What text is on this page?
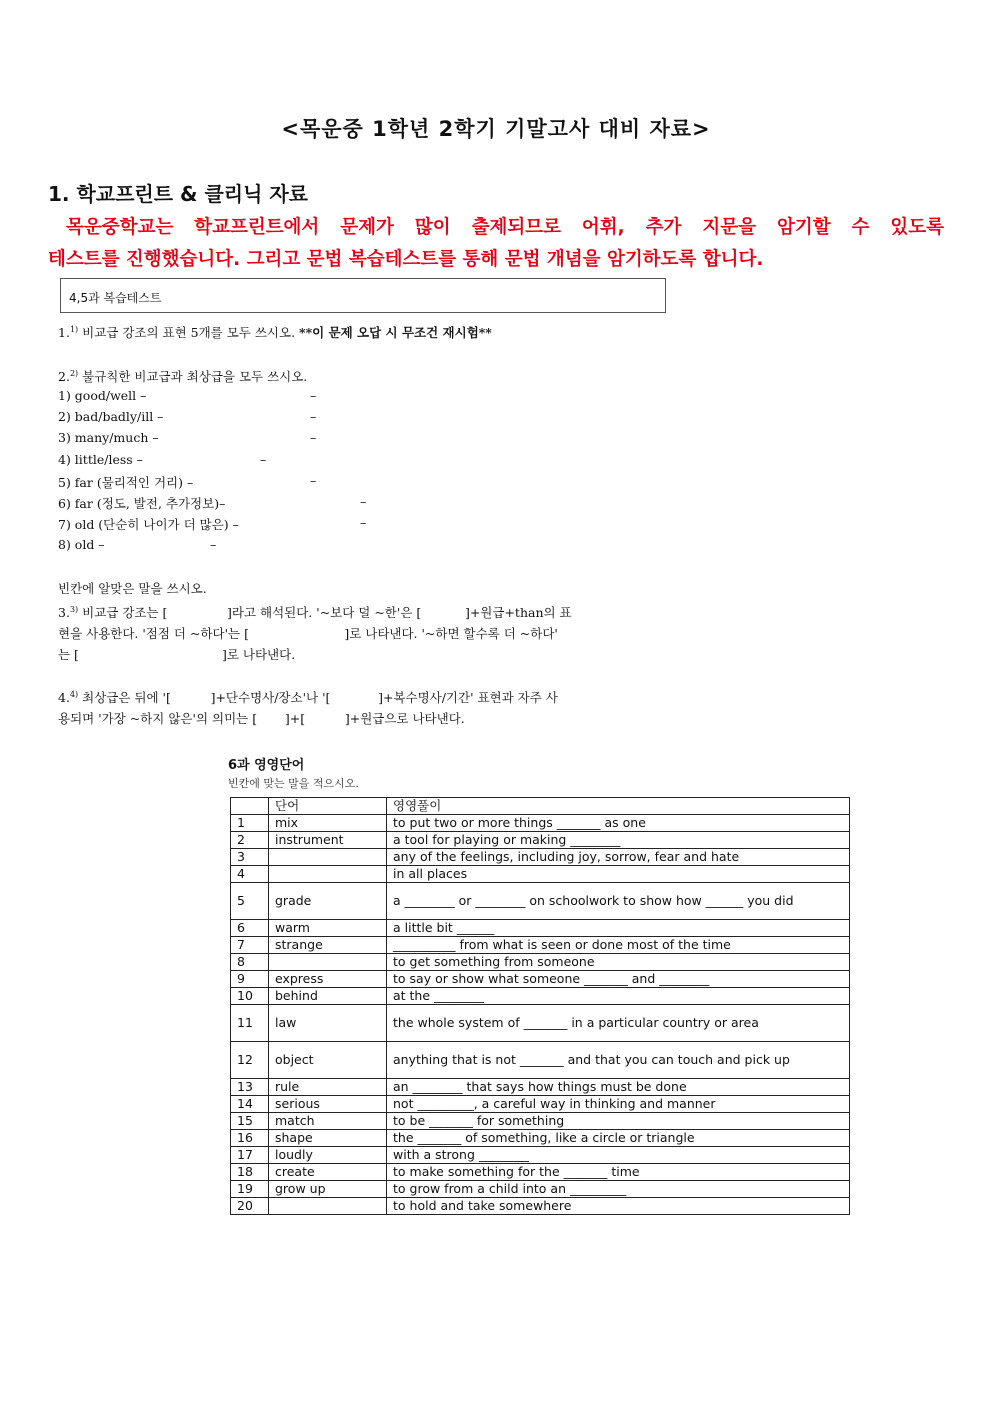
<목운중 1학년 2학기 기말고사 대비 자료>
1. 학교프린트 & 클리닉 자료
목운중학교는 학교프린트에서 문제가 많이 출제되므로 어휘, 추가 지문을 암기할 수 있도록
테스트를 진행했습니다. 그리고 문법 복습테스트를 통해 문법 개념을 암기하도록 합니다.
4,5과 복습테스트
1.$^{1)}$ 비교급 강조의 표현 5개를 모두 쓰시오. **이 문제 오답 시 무조건 재시험**
2.$^{2)}$ 불규칙한 비교급과 최상급을 모두 쓰시오.
1) good/well –	–
2) bad/badly/ill –	–
3) many/much –	–
4) little/less –	–
5) far (물리적인 거리) –	–
6) far (정도, 발전, 추가정보)–	–
7) old (단순히 나이가 더 많은) –	–
8) old –	–
빈칸에 알맞은 말을 쓰시오.
3.$^{3)}$ 비교급 강조는 [               ]라고 해석된다. '~보다 덜 ~한'은 [           ]+원급+than의 표
현을 사용한다. '점점 더 ~하다'는 [                        ]로 나타낸다. '~하면 할수록 더 ~하다'
는 [                                    ]로 나타낸다.
4.$^{4)}$ 최상급은 뒤에 '[          ]+단수명사/장소'나 '[            ]+복수명사/기간' 표현과 자주 사
용되며 '가장 ~하지 않은'의 의미는 [       ]+[          ]+원급으로 나타낸다.
6과 영영단어
빈칸에 맞는 말을 적으시오.
	단어	영영풀이
1	mix	to put two or more things _______ as one
2	instrument	a tool for playing or making ________
3		any of the feelings, including joy, sorrow, fear and hate
4		in all places
5	grade	a ________ or ________ on schoolwork to show how ______ you did
6	warm	a little bit ______
7	strange	__________ from what is seen or done most of the time
8		to get something from someone
9	express	to say or show what someone _______ and ________
10	behind	at the ________
11	law	the whole system of _______ in a particular country or area
12	object	anything that is not _______ and that you can touch and pick up
13	rule	an ________ that says how things must be done
14	serious	not _________, a careful way in thinking and manner
15	match	to be _______ for something
16	shape	the _______ of something, like a circle or triangle
17	loudly	with a strong ________
18	create	to make something for the _______ time
19	grow up	to grow from a child into an _________
20		to hold and take somewhere
